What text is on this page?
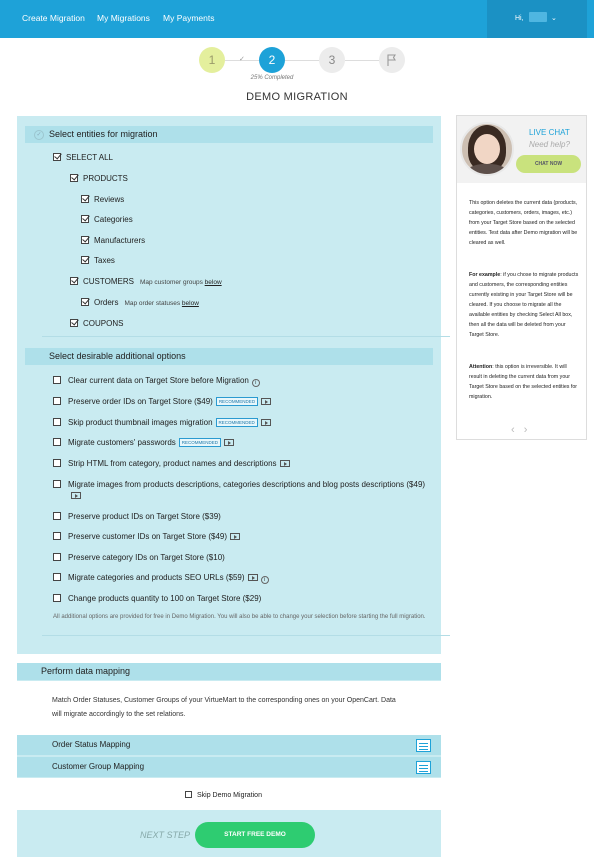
Create Migration My Migrations My Payments	Hi,	⌄
✓
1	2	3
25% Completed
DEMO MIGRATION
✓ Select entities for migration
SELECT ALL
PRODUCTS
Reviews
Categories
Manufacturers
Taxes
CUSTOMERS Map customer groups below
Orders Map order statuses below
COUPONS
Select desirable additional options
Clear current data on Target Store before Migration i
Preserve order IDs on Target Store ($49) RECOMMENDED
Skip product thumbnail images migration RECOMMENDED
Migrate customers' passwords RECOMMENDED
Strip HTML from category, product names and descriptions
Migrate images from products descriptions, categories descriptions and blog posts descriptions ($49)
Preserve product IDs on Target Store ($39)
Preserve customer IDs on Target Store ($49)
Preserve category IDs on Target Store ($10)
Migrate categories and products SEO URLs ($59)	i
Change products quantity to 100 on Target Store ($29)
All additional options are provided for free in Demo Migration. You will also be able to change your selection before starting the full migration.
Perform data mapping
Match Order Statuses, Customer Groups of your VirtueMart to the corresponding ones on your OpenCart. Data will migrate accordingly to the set relations.
Order Status Mapping
Customer Group Mapping
Skip Demo Migration
NEXT STEP	START FREE DEMO
LIVE CHAT
Need help?
CHAT NOW
This option deletes the current data (products, categories, customers, orders, images, etc.) from your Target Store based on the selected entities. Test data after Demo migration will be cleared as well.
For example: if you chose to migrate products and customers, the corresponding entities currently existing in your Target Store will be cleared. If you choose to migrate all the available entities by checking Select All box, then all the data will be deleted from your Target Store.
Attention: this option is irreversible. It will result in deleting the current data from your Target Store based on the selected entities for migration.
‹ ›
